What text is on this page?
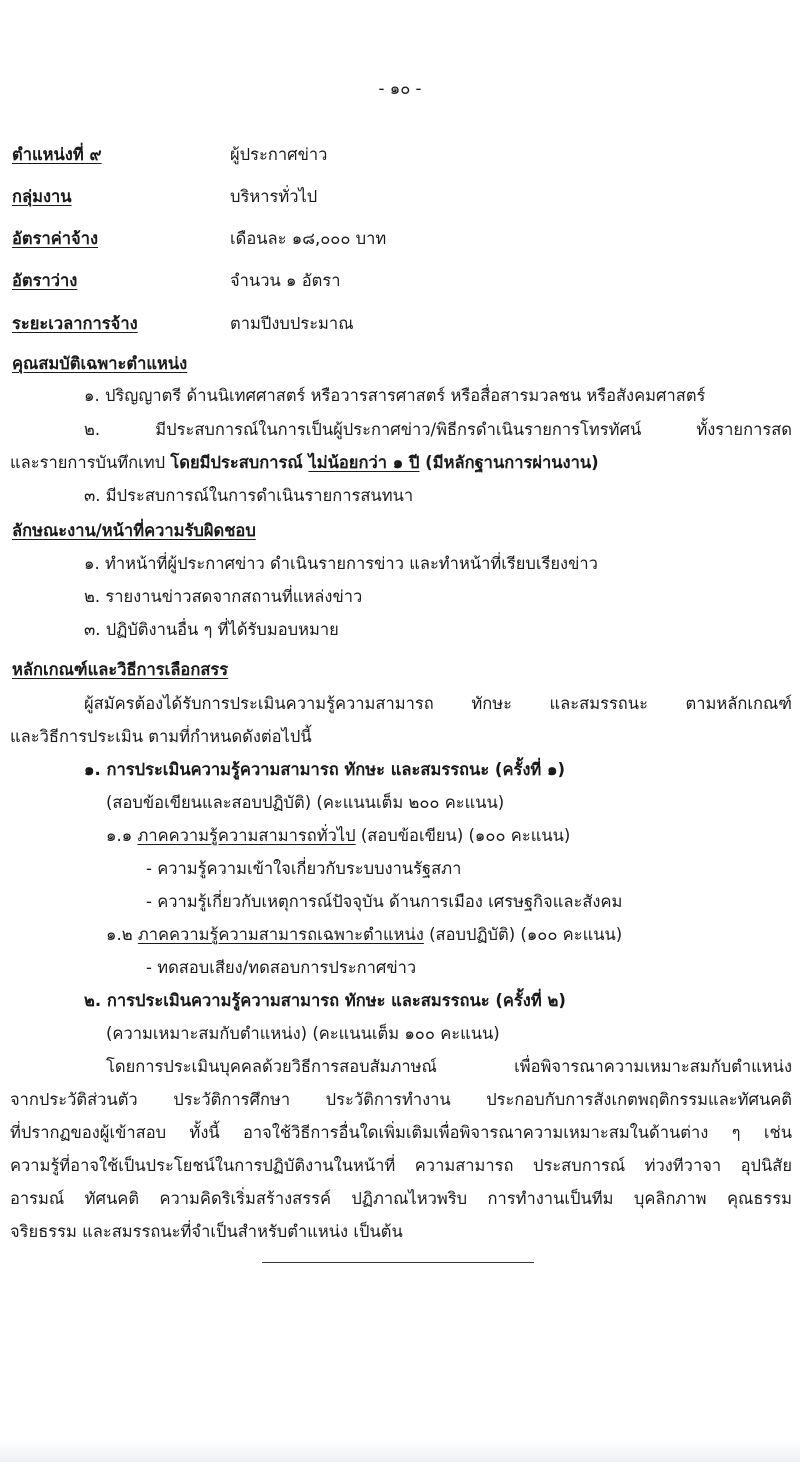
- ๑๐ -
ตำแหน่งที่ ๙	ผู้ประกาศข่าว
กลุ่มงาน	บริหารทั่วไป
อัตราค่าจ้าง	เดือนละ ๑๘,๐๐๐ บาท
อัตราว่าง	จำนวน ๑ อัตรา
ระยะเวลาการจ้าง	ตามปีงบประมาณ
คุณสมบัติเฉพาะตำแหน่ง
๑. ปริญญาตรี ด้านนิเทศศาสตร์ หรือวารสารศาสตร์ หรือสื่อสารมวลชน หรือสังคมศาสตร์
๒. มีประสบการณ์ในการเป็นผู้ประกาศข่าว/พิธีกรดำเนินรายการโทรทัศน์ ทั้งรายการสด
และรายการบันทึกเทป โดยมีประสบการณ์ ไม่น้อยกว่า ๑ ปี (มีหลักฐานการผ่านงาน)
๓. มีประสบการณ์ในการดำเนินรายการสนทนา
ลักษณะงาน/หน้าที่ความรับผิดชอบ
๑. ทำหน้าที่ผู้ประกาศข่าว ดำเนินรายการข่าว และทำหน้าที่เรียบเรียงข่าว
๒. รายงานข่าวสดจากสถานที่แหล่งข่าว
๓. ปฏิบัติงานอื่น ๆ ที่ได้รับมอบหมาย
หลักเกณฑ์และวิธีการเลือกสรร
ผู้สมัครต้องได้รับการประเมินความรู้ความสามารถ ทักษะ และสมรรถนะ ตามหลักเกณฑ์
และวิธีการประเมิน ตามที่กำหนดดังต่อไปนี้
๑. การประเมินความรู้ความสามารถ ทักษะ และสมรรถนะ (ครั้งที่ ๑)
(สอบข้อเขียนและสอบปฏิบัติ) (คะแนนเต็ม ๒๐๐ คะแนน)
๑.๑ ภาคความรู้ความสามารถทั่วไป (สอบข้อเขียน) (๑๐๐ คะแนน)
- ความรู้ความเข้าใจเกี่ยวกับระบบงานรัฐสภา
- ความรู้เกี่ยวกับเหตุการณ์ปัจจุบัน ด้านการเมือง เศรษฐกิจและสังคม
๑.๒ ภาคความรู้ความสามารถเฉพาะตำแหน่ง (สอบปฏิบัติ) (๑๐๐ คะแนน)
- ทดสอบเสียง/ทดสอบการประกาศข่าว
๒. การประเมินความรู้ความสามารถ ทักษะ และสมรรถนะ (ครั้งที่ ๒)
(ความเหมาะสมกับตำแหน่ง) (คะแนนเต็ม ๑๐๐ คะแนน)
โดยการประเมินบุคคลด้วยวิธีการสอบสัมภาษณ์ เพื่อพิจารณาความเหมาะสมกับตำแหน่ง
จากประวัติส่วนตัว ประวัติการศึกษา ประวัติการทำงาน ประกอบกับการสังเกตพฤติกรรมและทัศนคติ
ที่ปรากฏของผู้เข้าสอบ ทั้งนี้ อาจใช้วิธีการอื่นใดเพิ่มเติมเพื่อพิจารณาความเหมาะสมในด้านต่าง ๆ เช่น
ความรู้ที่อาจใช้เป็นประโยชน์ในการปฏิบัติงานในหน้าที่ ความสามารถ ประสบการณ์ ท่วงทีวาจา อุปนิสัย
อารมณ์ ทัศนคติ ความคิดริเริ่มสร้างสรรค์ ปฏิภาณไหวพริบ การทำงานเป็นทีม บุคลิกภาพ คุณธรรม
จริยธรรม และสมรรถนะที่จำเป็นสำหรับตำแหน่ง เป็นต้น
